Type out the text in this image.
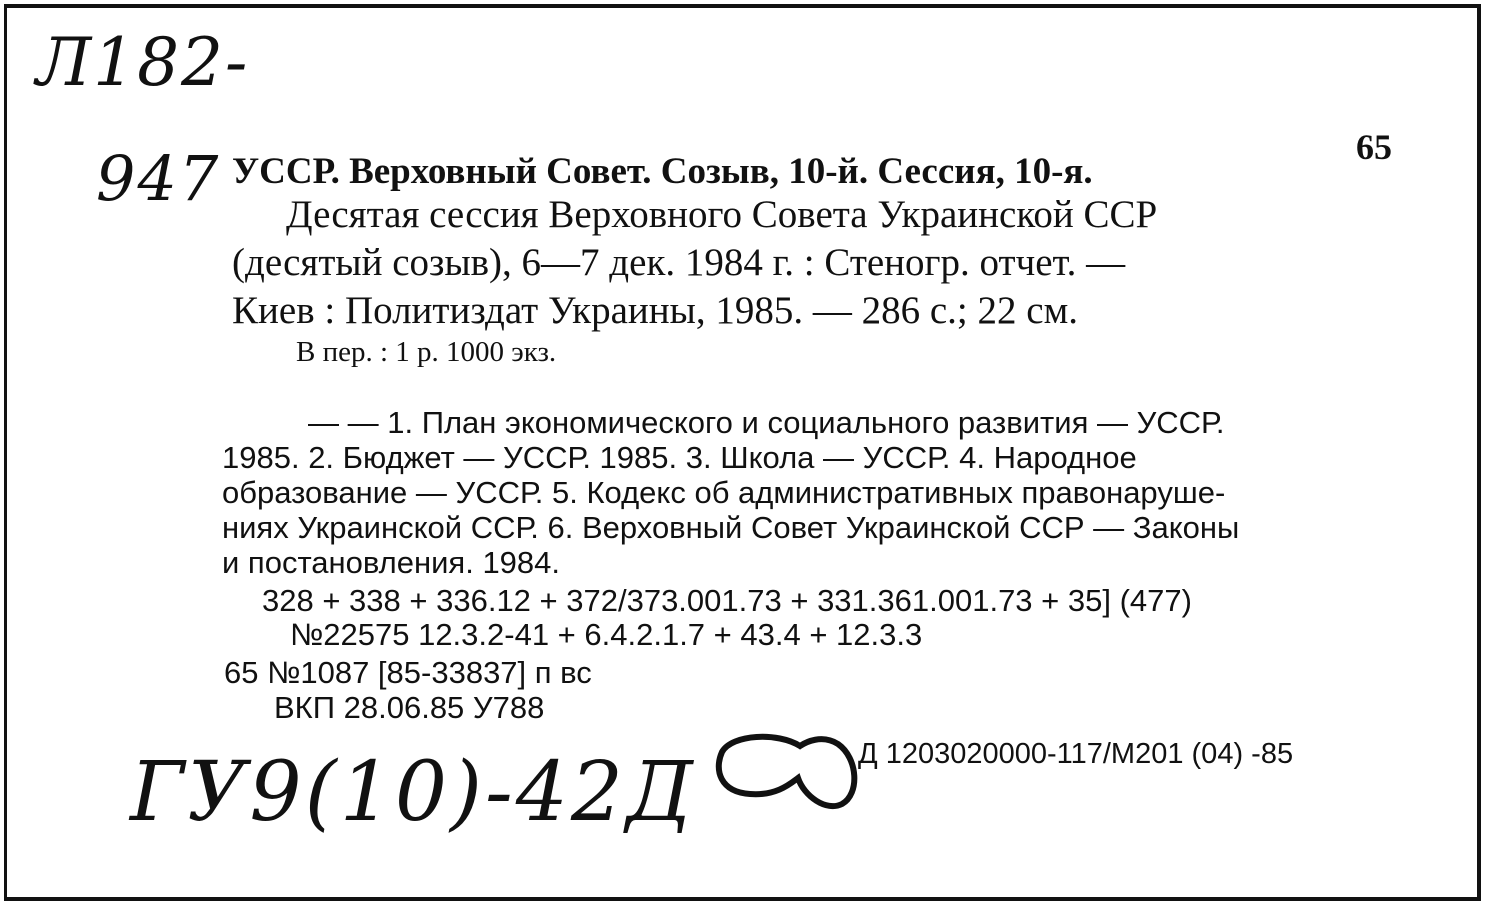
Л182-
947
ГУ9(10)-42Д
65
УССР. Верховный Совет. Созыв, 10-й. Сессия, 10-я.
Десятая сессия Верховного Совета Украинской ССР
(десятый созыв), 6—7 дек. 1984 г. : Стеногр. отчет. —
Киев : Политиздат Украины, 1985. — 286 с.; 22 см.
В пер. : 1 р. 1000 экз.
— — 1. План экономического и социального развития — УССР.
1985. 2. Бюджет — УССР. 1985. 3. Школа — УССР. 4. Народное
образование — УССР. 5. Кодекс об административных правонаруше-
ниях Украинской ССР. 6. Верховный Совет Украинской ССР — Законы
и постановления. 1984.
328 + 338 + 336.12 + 372/373.001.73 + 331.361.001.73 + 35] (477)
№22575 12.3.2-41 + 6.4.2.1.7 + 43.4 + 12.3.3
65 №1087 [85-33837] п вс
ВКП 28.06.85 У788
Д 1203020000-117/М201 (04) -85
